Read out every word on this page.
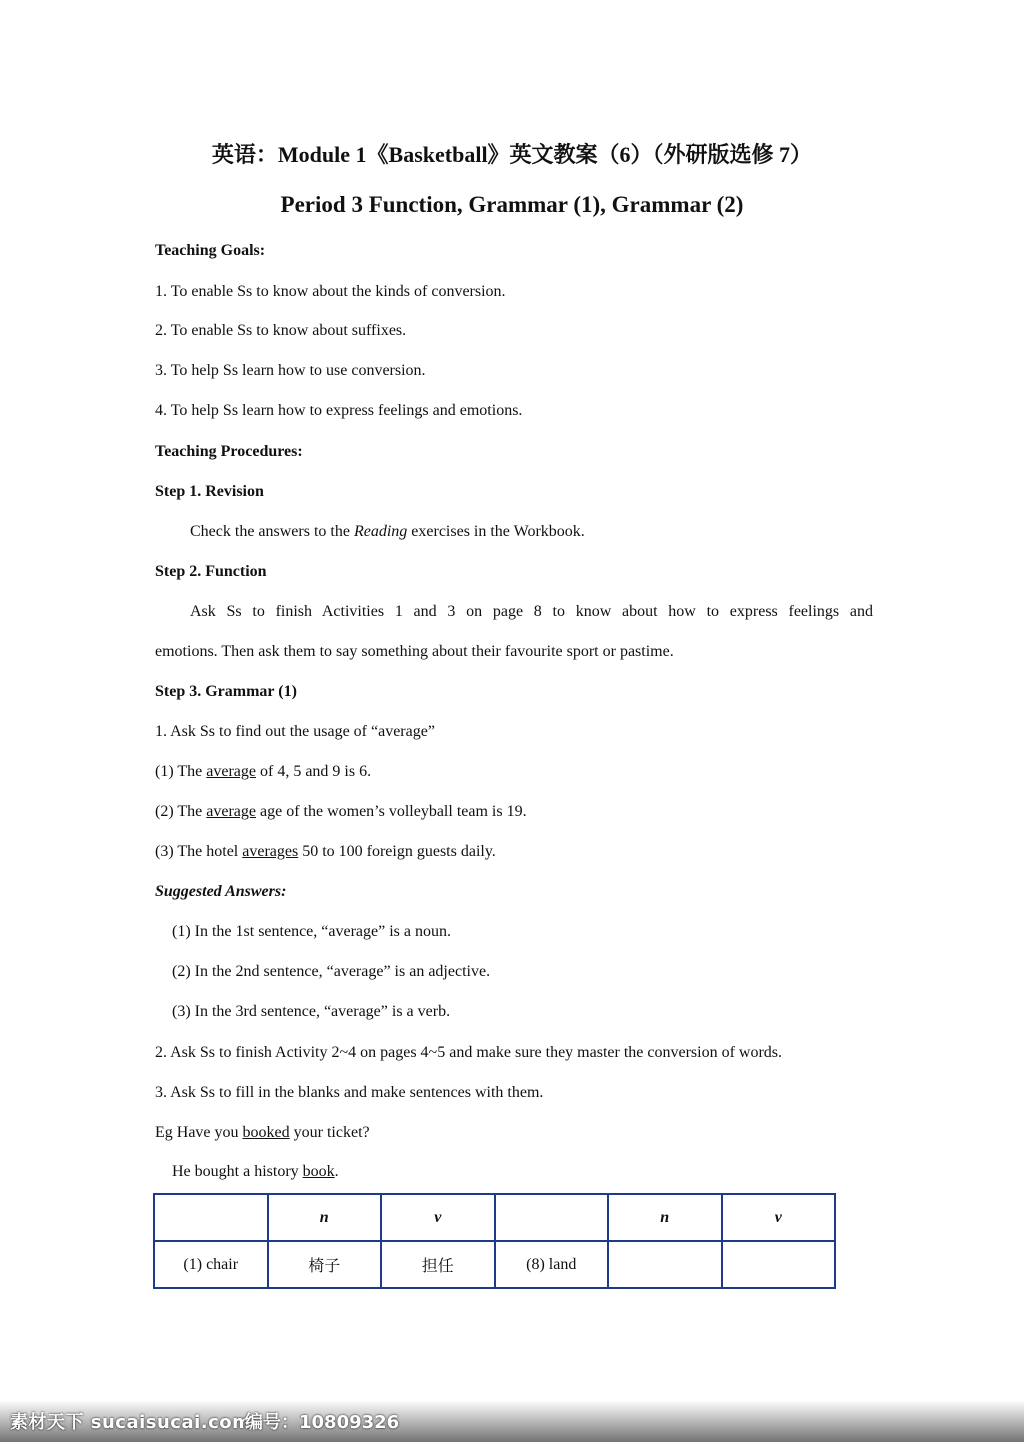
英语：Module 1《Basketball》英文教案（6）（外研版选修 7）
Period 3 Function, Grammar (1), Grammar (2)
Teaching Goals:
1. To enable Ss to know about the kinds of conversion.
2. To enable Ss to know about suffixes.
3. To help Ss learn how to use conversion.
4. To help Ss learn how to express feelings and emotions.
Teaching Procedures:
Step 1. Revision
Check the answers to the Reading exercises in the Workbook.
Step 2. Function
Ask Ss to finish Activities 1 and 3 on page 8 to know about how to express feelings and
emotions. Then ask them to say something about their favourite sport or pastime.
Step 3. Grammar (1)
1. Ask Ss to find out the usage of “average”
(1) The average of 4, 5 and 9 is 6.
(2) The average age of the women’s volleyball team is 19.
(3) The hotel averages 50 to 100 foreign guests daily.
Suggested Answers:
(1) In the 1st sentence, “average” is a noun.
(2) In the 2nd sentence, “average” is an adjective.
(3) In the 3rd sentence, “average” is a verb.
2. Ask Ss to finish Activity 2~4 on pages 4~5 and make sure they master the conversion of words.
3. Ask Ss to fill in the blanks and make sentences with them.
Eg Have you booked your ticket?
He bought a history book.
	n	v		n	v
(1) chair	椅子	担任	(8) land		
素材天下 sucaisucai.com
编号：10809326
